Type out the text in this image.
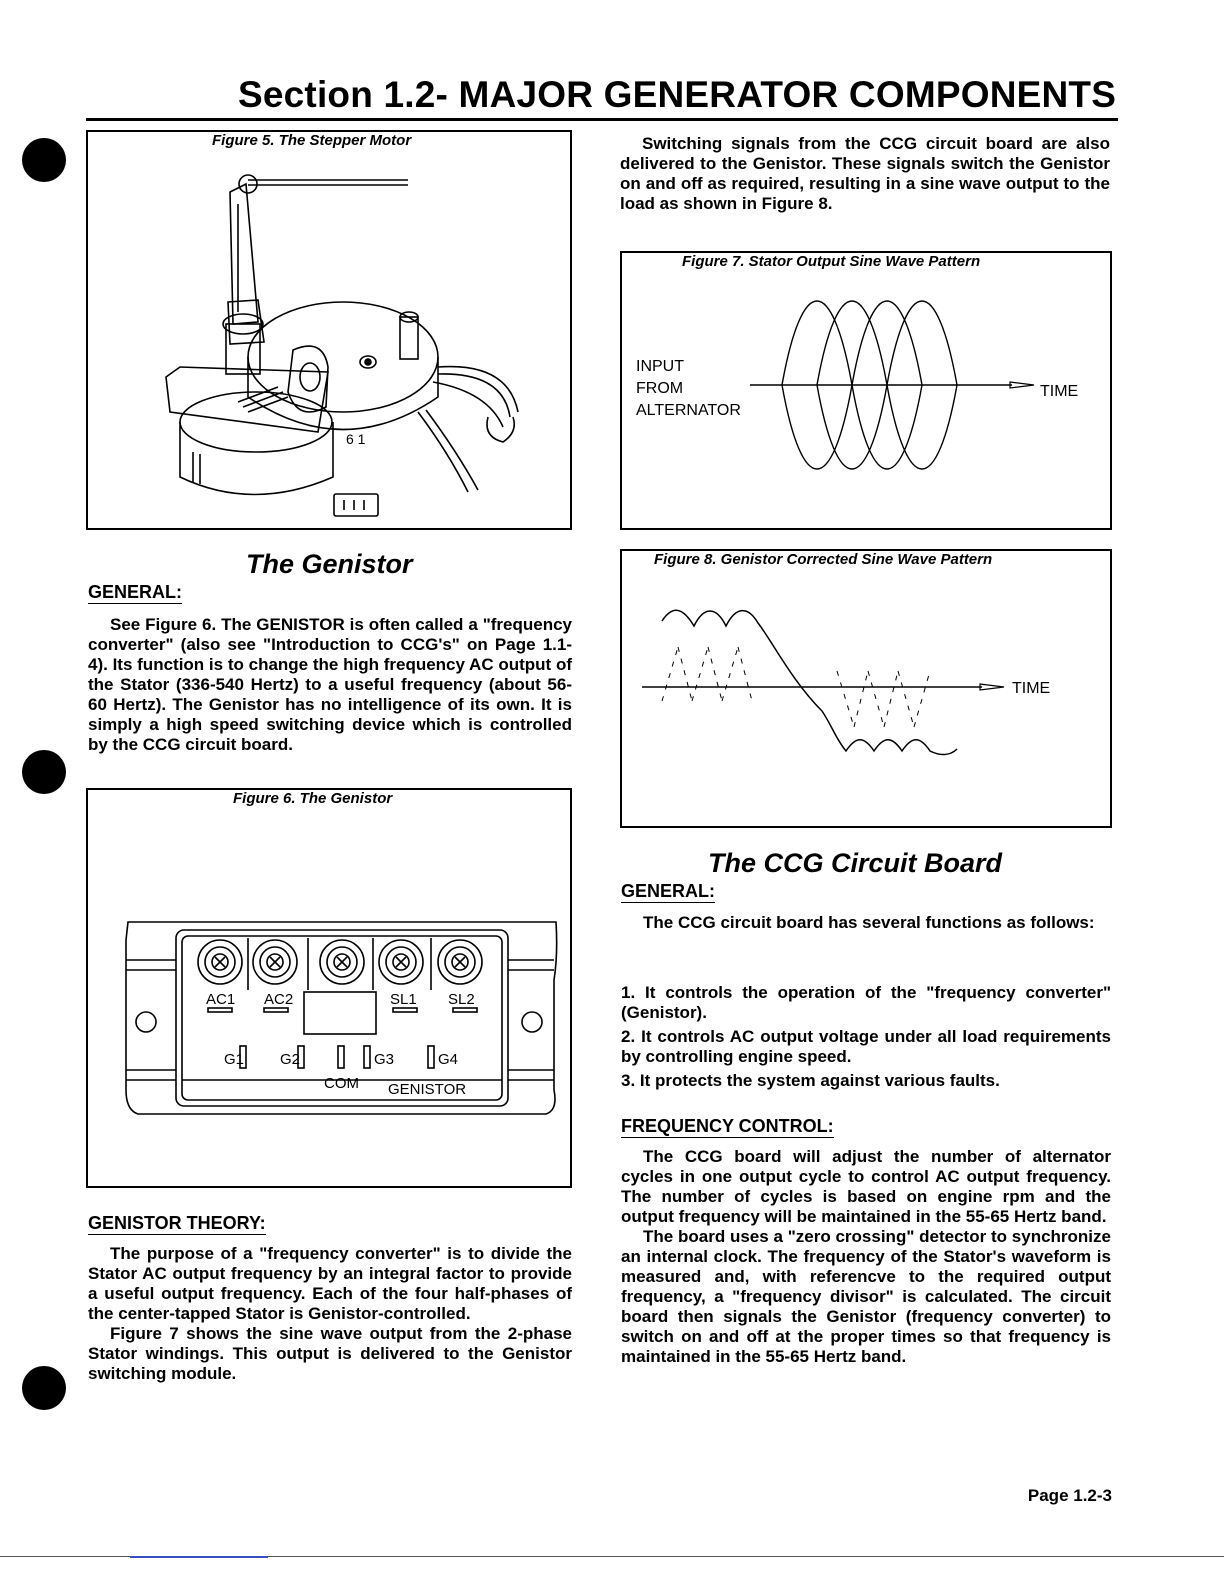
Section 1.2- MAJOR GENERATOR COMPONENTS
Figure 5. The Stepper Motor
6 1
The Genistor
GENERAL:

See Figure 6. The GENISTOR is often called a "frequency converter" (also see "Introduction to CCG's" on Page 1.1-4). Its function is to change the high frequency AC output of the Stator (336-540 Hertz) to a useful frequency (about 56-60 Hertz). The Genistor has no intelligence of its own. It is simply a high speed switching device which is controlled by the CCG circuit board.

Figure 6. The Genistor
AC1 AC2	SL1 SL2
G1 G2	G3	G4
COM GENISTOR
GENISTOR THEORY:

The purpose of a "frequency converter" is to divide the Stator AC output frequency by an integral factor to provide a useful output frequency. Each of the four half-phases of the center-tapped Stator is Genistor-controlled.

Figure 7 shows the sine wave output from the 2-phase Stator windings. This output is delivered to the Genistor switching module.

Switching signals from the CCG circuit board are also delivered to the Genistor. These signals switch the Genistor on and off as required, resulting in a sine wave output to the load as shown in Figure 8.

Figure 7. Stator Output Sine Wave Pattern
INPUT
FROM
ALTERNATOR
TIME
Figure 8. Genistor Corrected Sine Wave Pattern
TIME
The CCG Circuit Board
GENERAL:

The CCG circuit board has several functions as follows:

1. It controls the operation of the "frequency converter" (Genistor).

2. It controls AC output voltage under all load requirements by controlling engine speed.

3. It protects the system against various faults.

FREQUENCY CONTROL:

The CCG board will adjust the number of alternator cycles in one output cycle to control AC output frequency. The number of cycles is based on engine rpm and the output frequency will be maintained in the 55-65 Hertz band.

The board uses a "zero crossing" detector to synchronize an internal clock. The frequency of the Stator's waveform is measured and, with referencve to the required output frequency, a "frequency divisor" is calculated. The circuit board then signals the Genistor (frequency converter) to switch on and off at the proper times so that frequency is maintained in the 55-65 Hertz band.

Page 1.2-3
